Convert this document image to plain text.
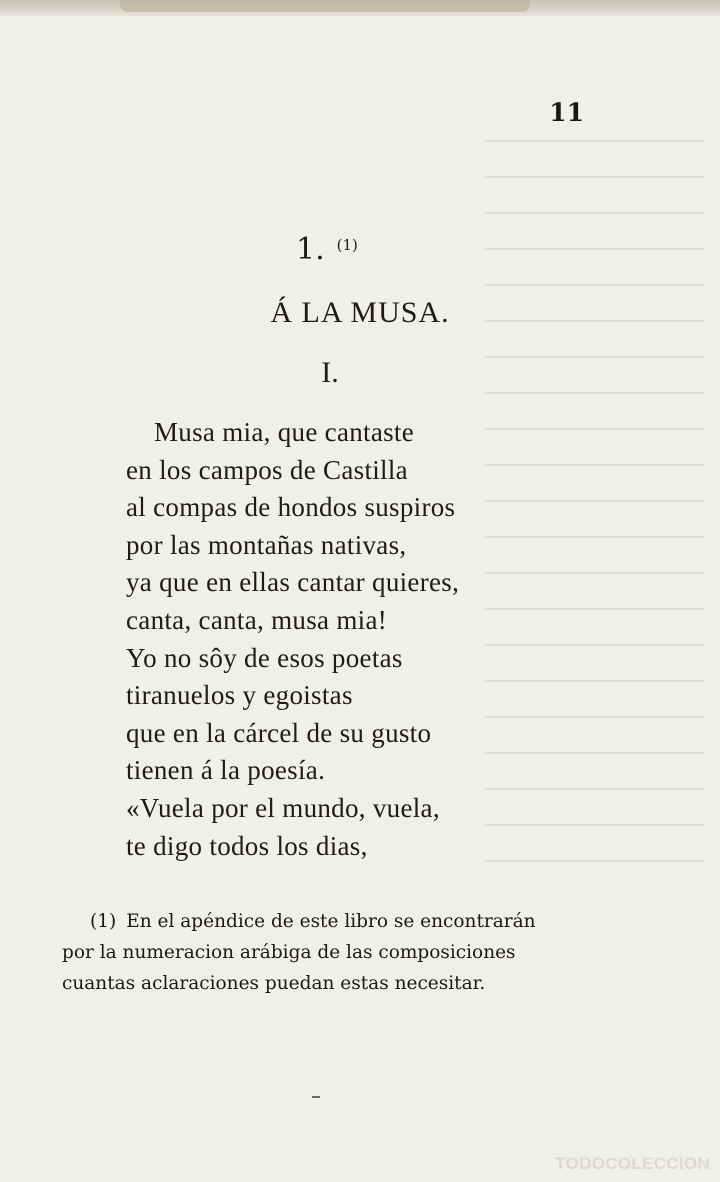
11
1. $^{(1)}$
Á LA MUSA.
I.
Musa mia, que cantaste
en los campos de Castilla
al compas de hondos suspiros
por las montañas nativas,
ya que en ellas cantar quieres,
canta, canta, musa mia!
Yo no sôy de esos poetas
tiranuelos y egoistas
que en la cárcel de su gusto
tienen á la poesía.
«Vuela por el mundo, vuela,
te digo todos los dias,
(1) En el apéndice de este libro se encontrarán
por la numeracion arábiga de las composiciones
cuantas aclaraciones puedan estas necesitar.
TODOCOLECCION
